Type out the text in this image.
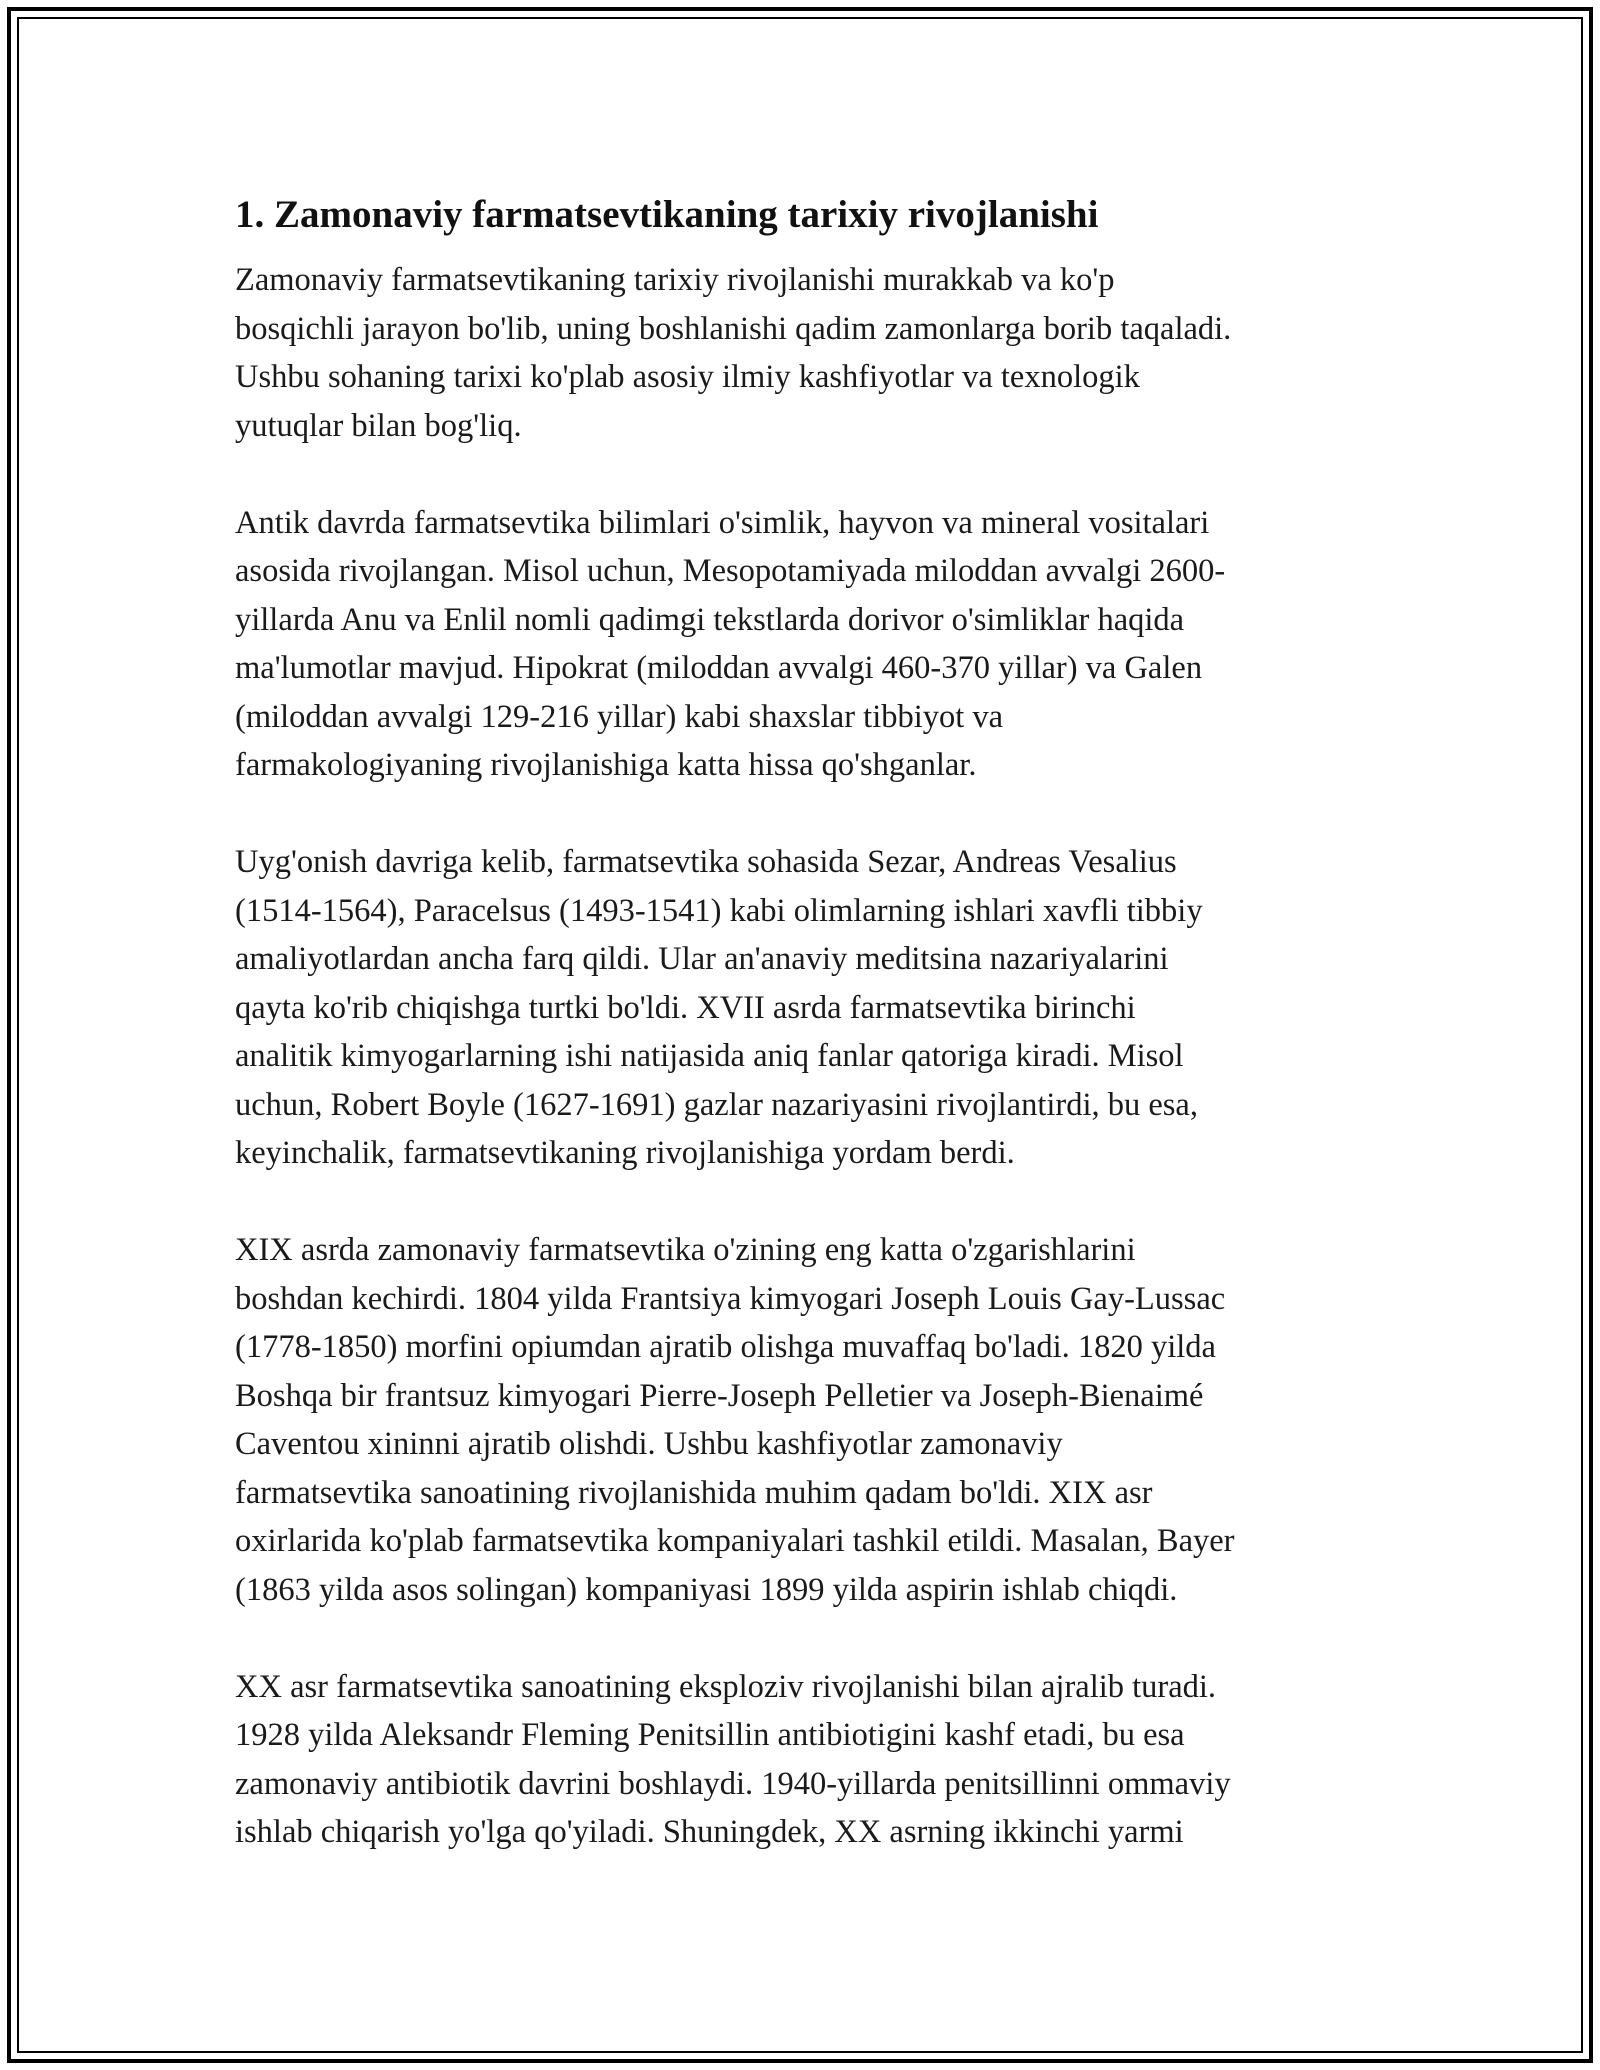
1. Zamonaviy farmatsevtikaning tarixiy rivojlanishi

Zamonaviy farmatsevtikaning tarixiy rivojlanishi murakkab va ko'p
bosqichli jarayon bo'lib, uning boshlanishi qadim zamonlarga borib taqaladi.
Ushbu sohaning tarixi ko'plab asosiy ilmiy kashfiyotlar va texnologik
yutuqlar bilan bog'liq.

Antik davrda farmatsevtika bilimlari o'simlik, hayvon va mineral vositalari
asosida rivojlangan. Misol uchun, Mesopotamiyada miloddan avvalgi 2600-
yillarda Anu va Enlil nomli qadimgi tekstlarda dorivor o'simliklar haqida
ma'lumotlar mavjud. Hipokrat (miloddan avvalgi 460-370 yillar) va Galen
(miloddan avvalgi 129-216 yillar) kabi shaxslar tibbiyot va
farmakologiyaning rivojlanishiga katta hissa qo'shganlar.

Uyg'onish davriga kelib, farmatsevtika sohasida Sezar, Andreas Vesalius
(1514-1564), Paracelsus (1493-1541) kabi olimlarning ishlari xavfli tibbiy
amaliyotlardan ancha farq qildi. Ular an'anaviy meditsina nazariyalarini
qayta ko'rib chiqishga turtki bo'ldi. XVII asrda farmatsevtika birinchi
analitik kimyogarlarning ishi natijasida aniq fanlar qatoriga kiradi. Misol
uchun, Robert Boyle (1627-1691) gazlar nazariyasini rivojlantirdi, bu esa,
keyinchalik, farmatsevtikaning rivojlanishiga yordam berdi.

XIX asrda zamonaviy farmatsevtika o'zining eng katta o'zgarishlarini
boshdan kechirdi. 1804 yilda Frantsiya kimyogari Joseph Louis Gay-Lussac
(1778-1850) morfini opiumdan ajratib olishga muvaffaq bo'ladi. 1820 yilda
Boshqa bir frantsuz kimyogari Pierre-Joseph Pelletier va Joseph-Bienaimé
Caventou xininni ajratib olishdi. Ushbu kashfiyotlar zamonaviy
farmatsevtika sanoatining rivojlanishida muhim qadam bo'ldi. XIX asr
oxirlarida ko'plab farmatsevtika kompaniyalari tashkil etildi. Masalan, Bayer
(1863 yilda asos solingan) kompaniyasi 1899 yilda aspirin ishlab chiqdi.

XX asr farmatsevtika sanoatining eksploziv rivojlanishi bilan ajralib turadi.
1928 yilda Aleksandr Fleming Penitsillin antibiotigini kashf etadi, bu esa
zamonaviy antibiotik davrini boshlaydi. 1940-yillarda penitsillinni ommaviy
ishlab chiqarish yo'lga qo'yiladi. Shuningdek, XX asrning ikkinchi yarmi
